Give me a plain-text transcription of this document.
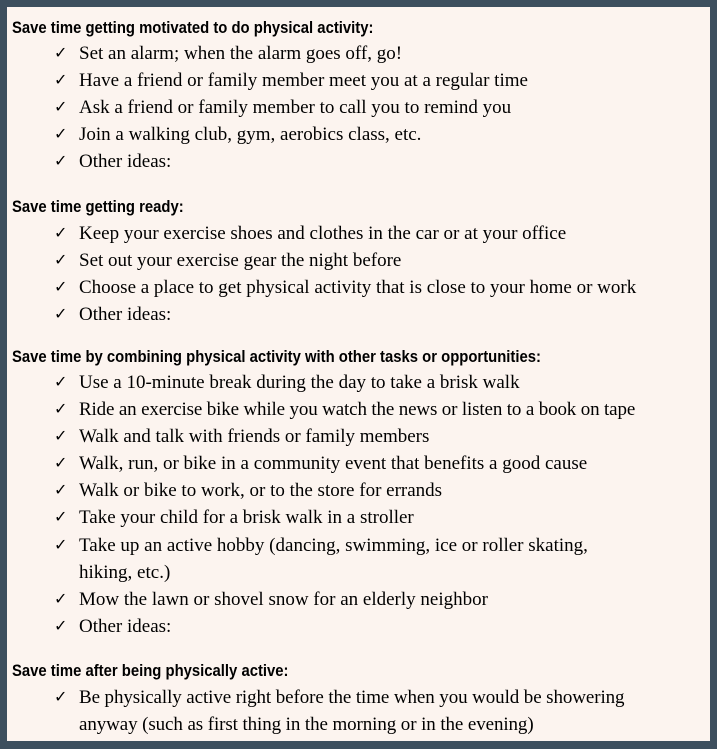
Save time getting motivated to do physical activity:
✓ Set an alarm; when the alarm goes off, go!
✓ Have a friend or family member meet you at a regular time
✓ Ask a friend or family member to call you to remind you
✓ Join a walking club, gym, aerobics class, etc.
✓ Other ideas:
Save time getting ready:
✓ Keep your exercise shoes and clothes in the car or at your office
✓ Set out your exercise gear the night before
✓ Choose a place to get physical activity that is close to your home or work
✓ Other ideas:
Save time by combining physical activity with other tasks or opportunities:
✓ Use a 10-minute break during the day to take a brisk walk
✓ Ride an exercise bike while you watch the news or listen to a book on tape
✓ Walk and talk with friends or family members
✓ Walk, run, or bike in a community event that benefits a good cause
✓ Walk or bike to work, or to the store for errands
✓ Take your child for a brisk walk in a stroller
✓ Take up an active hobby (dancing, swimming, ice or roller skating,
hiking, etc.)
✓ Mow the lawn or shovel snow for an elderly neighbor
✓ Other ideas:
Save time after being physically active:
✓ Be physically active right before the time when you would be showering
anyway (such as first thing in the morning or in the evening)
